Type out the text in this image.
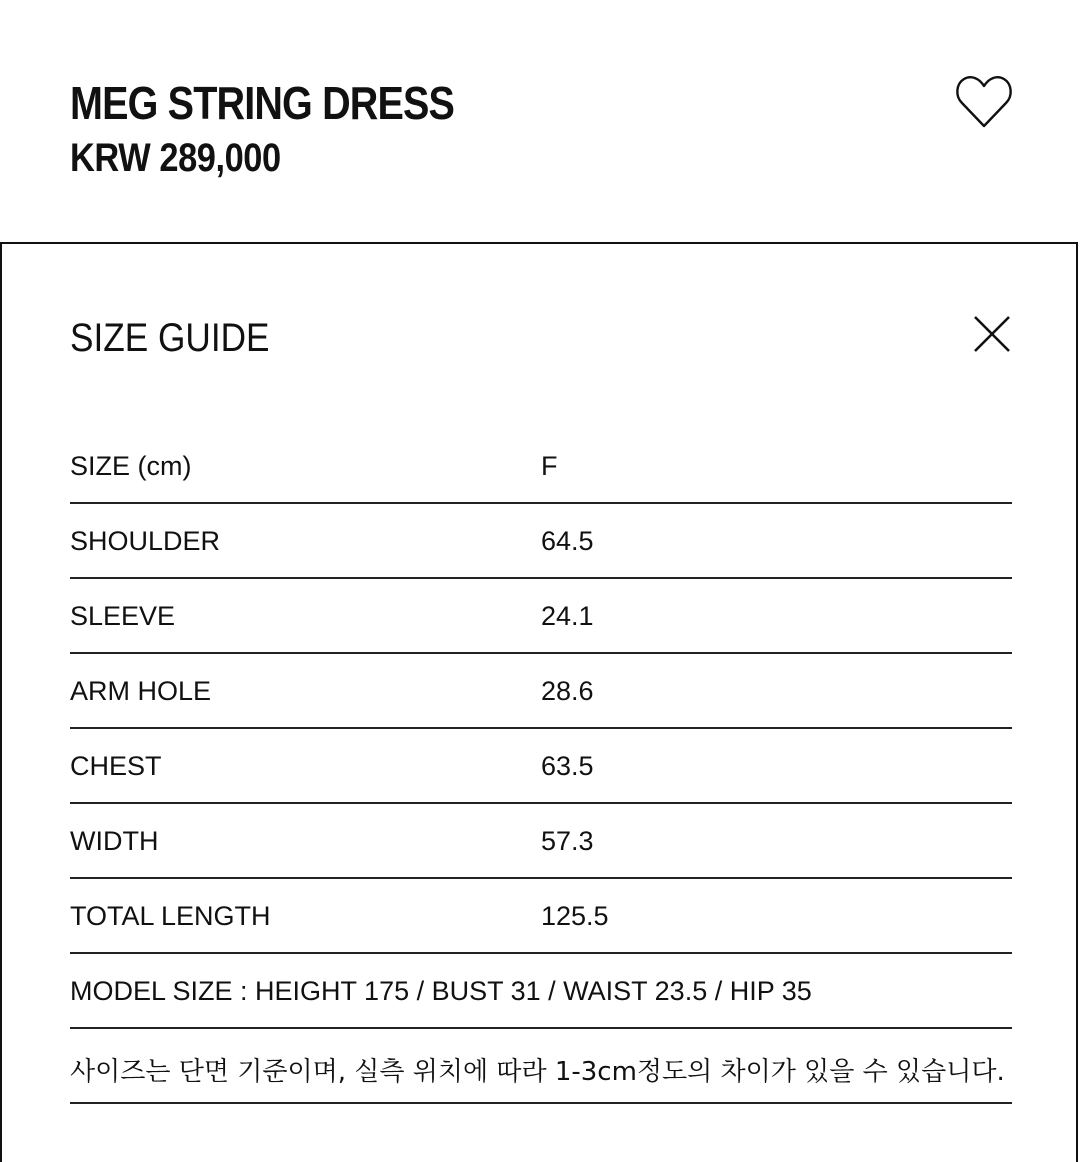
MEG STRING DRESS
KRW 289,000
SIZE GUIDE
SIZE (cm)	F
SHOULDER	64.5
SLEEVE	24.1
ARM HOLE	28.6
CHEST	63.5
WIDTH	57.3
TOTAL LENGTH	125.5
MODEL SIZE : HEIGHT 175 / BUST 31 / WAIST 23.5 / HIP 35
사이즈는 단면 기준이며, 실측 위치에 따라 1-3cm정도의 차이가 있을 수 있습니다.
